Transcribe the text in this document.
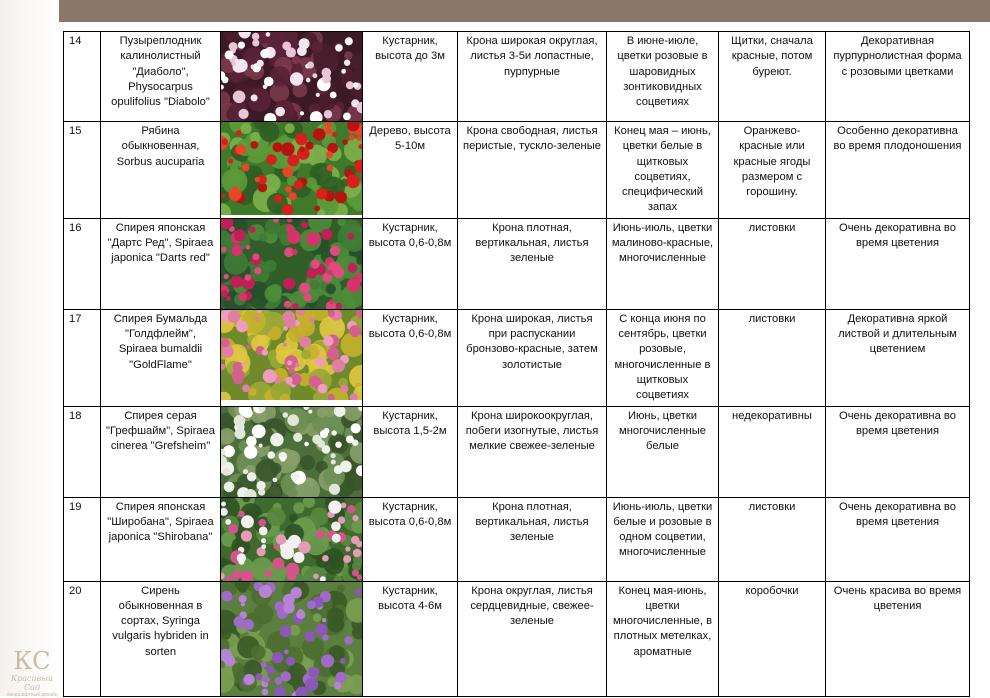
КС
Красивый Сад
ландшафтный дизайн
14	Пузыреплодник калинолистный "Диаболо", Physocarpus opulifolius "Diabolo"		Кустарник, высота до 3м	Крона широкая округлая, листья 3-5и лопастные, пурпурные	В июне-июле, цветки розовые в шаровидных зонтиковидных соцветиях	Щитки, сначала красные, потом буреют.	Декоративная пурпурнолистная форма с розовыми цветками
15	Рябина обыкновенная, Sorbus aucuparia		Дерево, высота 5-10м	Крона свободная, листья перистые, тускло-зеленые	Конец мая – июнь, цветки белые в щитковых соцветиях, специфический запах	Оранжево-красные или красные ягоды размером с горошину.	Особенно декоративна во время плодоношения
16	Спирея японская "Дартс Ред", Spiraea japonica "Darts red"		Кустарник, высота 0,6-0,8м	Крона плотная, вертикальная, листья зеленые	Июнь-июль, цветки малиново-красные, многочисленные	листовки	Очень декоративна во время цветения
17	Спирея Бумальда "Голдфлейм", Spiraea bumaldii "GoldFlame"		Кустарник, высота 0,6-0,8м	Крона широкая, листья при распускании бронзово-красные, затем золотистые	С конца июня по сентябрь, цветки розовые, многочисленные в щитковых соцветиях	листовки	Декоративна яркой листвой и длительным цветением
18	Спирея серая "Грефшайм", Spiraea cinerea "Grefsheim"		Кустарник, высота 1,5-2м	Крона широкоокруглая, побеги изогнутые, листья мелкие свежее-зеленые	Июнь, цветки многочисленные белые	недекоративны	Очень декоративна во время цветения
19	Спирея японская "Широбана", Spiraea japonica "Shirobana"		Кустарник, высота 0,6-0,8м	Крона плотная, вертикальная, листья зеленые	Июнь-июль, цветки белые и розовые в одном соцветии, многочисленные	листовки	Очень декоративна во время цветения
20	Сирень обыкновенная в сортах, Syringa vulgaris hybriden in sorten		Кустарник, высота 4-6м	Крона округлая, листья сердцевидные, свежее-зеленые	Конец мая-июнь, цветки многочисленные, в плотных метелках, ароматные	коробочки	Очень красива во время цветения
